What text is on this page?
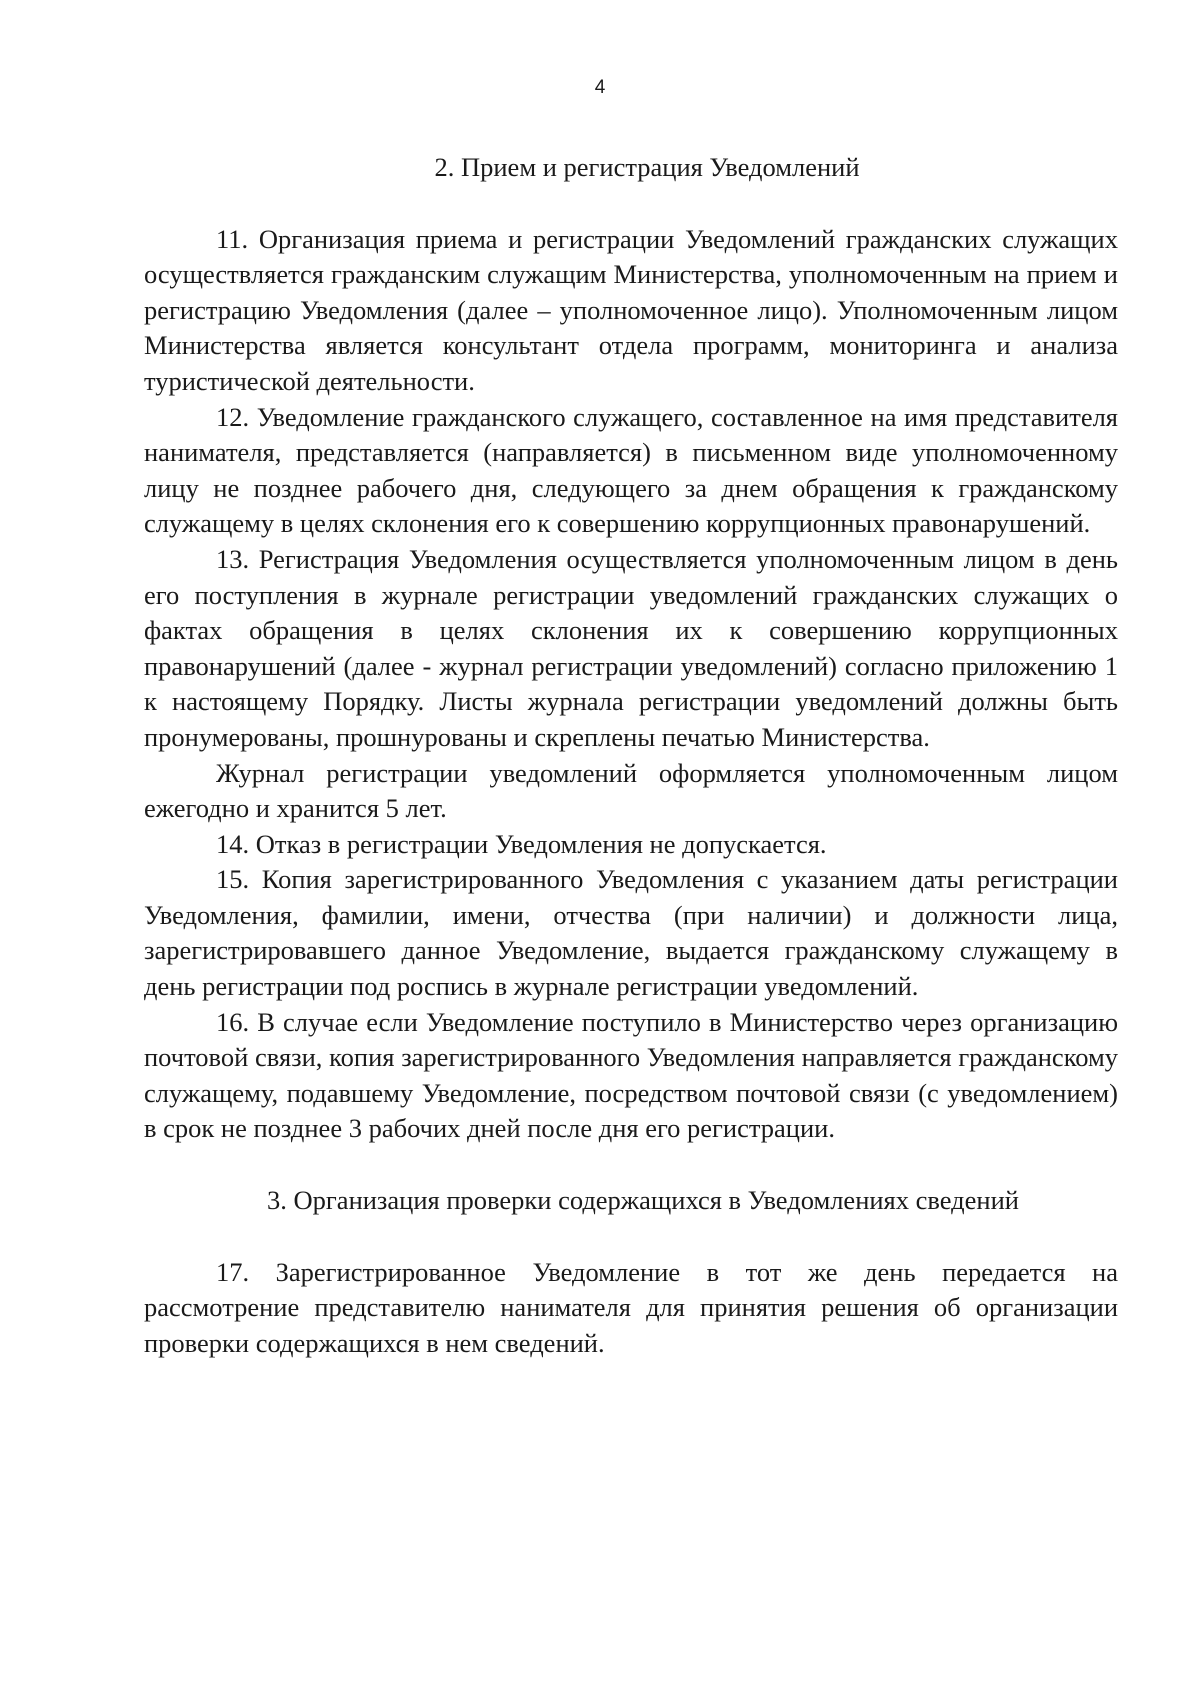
4
2. Прием и регистрация Уведомлений

11. Организация приема и регистрации Уведомлений гражданских служащих осуществляется гражданским служащим Министерства, уполномоченным на прием и регистрацию Уведомления (далее – уполномоченное лицо). Уполномоченным лицом Министерства является консультант отдела программ, мониторинга и анализа туристической деятельности.

12. Уведомление гражданского служащего, составленное на имя представителя нанимателя, представляется (направляется) в письменном виде уполномоченному лицу не позднее рабочего дня, следующего за днем обращения к гражданскому служащему в целях склонения его к совершению коррупционных правонарушений.

13. Регистрация Уведомления осуществляется уполномоченным лицом в день его поступления в журнале регистрации уведомлений гражданских служащих о фактах обращения в целях склонения их к совершению коррупционных правонарушений (далее - журнал регистрации уведомлений) согласно приложению 1 к настоящему Порядку. Листы журнала регистрации уведомлений должны быть пронумерованы, прошнурованы и скреплены печатью Министерства.

Журнал регистрации уведомлений оформляется уполномоченным лицом ежегодно и хранится 5 лет.

14. Отказ в регистрации Уведомления не допускается.

15. Копия зарегистрированного Уведомления с указанием даты регистрации Уведомления, фамилии, имени, отчества (при наличии) и должности лица, зарегистрировавшего данное Уведомление, выдается гражданскому служащему в день регистрации под роспись в журнале регистрации уведомлений.

16. В случае если Уведомление поступило в Министерство через организацию почтовой связи, копия зарегистрированного Уведомления направляется гражданскому служащему, подавшему Уведомление, посредством почтовой связи (с уведомлением) в срок не позднее 3 рабочих дней после дня его регистрации.

3. Организация проверки содержащихся в Уведомлениях сведений

17. Зарегистрированное Уведомление в тот же день передается на рассмотрение представителю нанимателя для принятия решения об организации проверки содержащихся в нем сведений.
